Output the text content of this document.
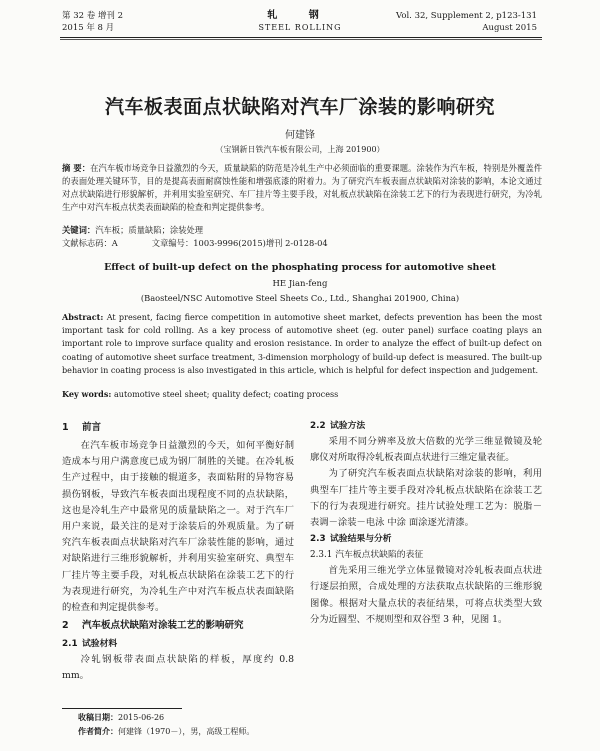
第 32 卷 增刊 2
2015 年 8 月
轧 钢
STEEL ROLLING
Vol. 32, Supplement 2, p123-131
August 2015
汽车板表面点状缺陷对汽车厂涂装的影响研究
何建锋
（宝钢新日铁汽车板有限公司，上海 201900）
摘 要：在汽车板市场竞争日益激烈的今天，质量缺陷的防范是冷轧生产中必须面临的重要课题。涂装作为汽车板，特别是外覆盖件的表面处理关键环节，目的是提高表面耐腐蚀性能和增强底漆的附着力。为了研究汽车板表面点状缺陷对涂装的影响，本论文通过对点状缺陷进行形貌解析，并利用实验室研究、车厂挂片等主要手段，对轧板点状缺陷在涂装工艺下的行为表现进行研究，为冷轧生产中对汽车板点状类表面缺陷的检查和判定提供参考。
关键词：汽车板；质量缺陷；涂装处理
文献标志码：A	文章编号：1003-9996(2015)增刊 2-0128-04
Effect of built-up defect on the phosphating process for automotive sheet
HE Jian-feng
(Baosteel/NSC Automotive Steel Sheets Co., Ltd., Shanghai 201900, China)
Abstract: At present, facing fierce competition in automotive sheet market, defects prevention has been the most important task for cold rolling. As a key process of automotive sheet (eg. outer panel) surface coating plays an important role to improve surface quality and erosion resistance. In order to analyze the effect of built-up defect on coating of automotive sheet surface treatment, 3-dimension morphology of build-up defect is measured. The built-up behavior in coating process is also investigated in this article, which is helpful for defect inspection and judgement.
Key words: automotive steel sheet; quality defect; coating process
1 前言

在汽车板市场竞争日益激烈的今天，如何平衡好制造成本与用户满意度已成为钢厂制胜的关键。在冷轧板生产过程中，由于接触的辊道多，表面粘附的异物容易损伤钢板，导致汽车板表面出现程度不同的点状缺陷，这也是冷轧生产中最常见的质量缺陷之一。对于汽车厂用户来说，最关注的是对于涂装后的外观质量。为了研究汽车板表面点状缺陷对汽车厂涂装性能的影响，通过对缺陷进行三维形貌解析，并利用实验室研究、典型车厂挂片等主要手段，对轧板点状缺陷在涂装工艺下的行为表现进行研究，为冷轧生产中对汽车板点状表面缺陷的检查和判定提供参考。

2 汽车板点状缺陷对涂装工艺的影响研究
2.1 试验材料

冷轧钢板带表面点状缺陷的样板，厚度约 0.8 mm。

2.2 试验方法

采用不同分辨率及放大倍数的光学三维显微镜及轮廓仪对所取得冷轧板表面点状进行三维定量表征。

为了研究汽车板表面点状缺陷对涂装的影响，利用典型车厂挂片等主要手段对冷轧板点状缺陷在涂装工艺下的行为表现进行研究。挂片试验处理工艺为：脱脂－表调－涂装－电泳 中涂 面涂逐光清漆。

2.3 试验结果与分析
2.3.1 汽车板点状缺陷的表征

首先采用三维光学立体显微镜对冷轧板表面点状进行逐层拍照，合成处理的方法获取点状缺陷的三维形貌图像。根据对大量点状的表征结果，可将点状类型大致分为近圆型、不规则型和双谷型 3 种，见图 1。

收稿日期：2015-06-26
作者简介：何建锋（1970－），男，高级工程师。
